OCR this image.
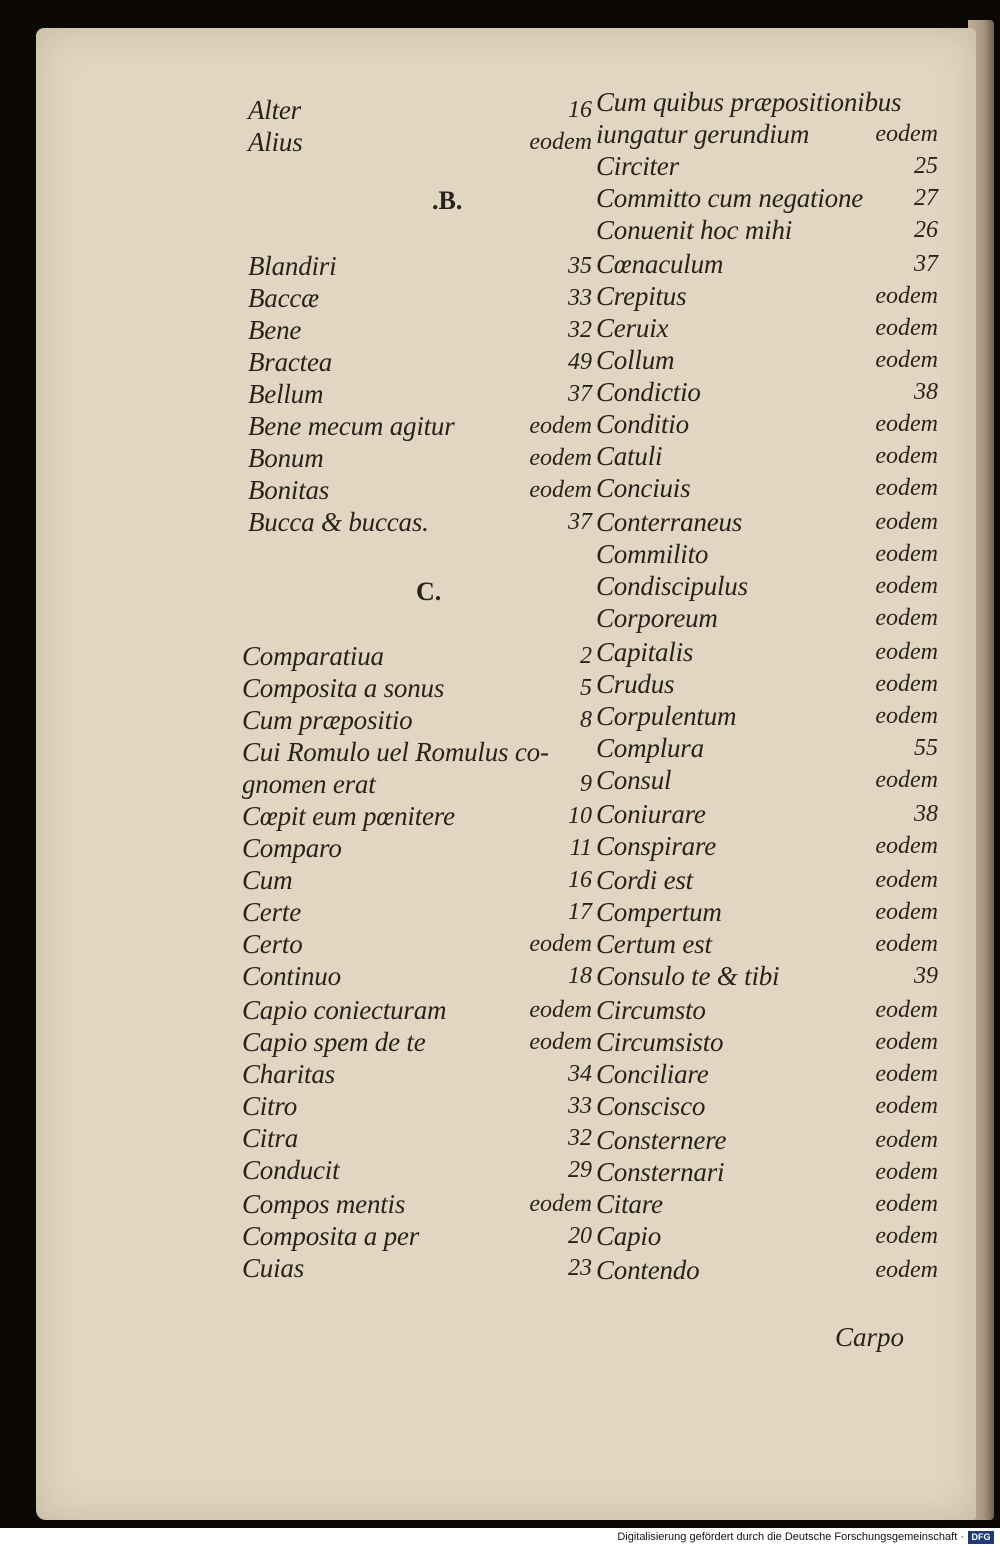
Alter	16
Alius	eodem
.B.
Blandiri	35
Baccæ	33
Bene	32
Bractea	49
Bellum	37
Bene mecum agitur	eodem
Bonum	eodem
Bonitas	eodem
Bucca & buccas.	37
C.
Comparatiua	2
Composita a sonus	5
Cum præpositio	8
Cui Romulo uel Romulus co-
gnomen erat	9
Cœpit eum pœnitere	10
Comparo	11
Cum	16
Certe	17
Certo	eodem
Continuo	18
Capio coniecturam	eodem
Capio spem de te	eodem
Charitas	34
Citro	33
Citra	32
Conducit	29
Compos mentis	eodem
Composita a per	20
Cuias	23
Cum quibus præpositionibus
iungatur gerundium	eodem
Circiter	25
Committo cum negatione 27
Conuenit hoc mihi	26
Cœnaculum	37
Crepitus	eodem
Ceruix	eodem
Collum	eodem
Condictio	38
Conditio	eodem
Catuli	eodem
Conciuis	eodem
Conterraneus	eodem
Commilito	eodem
Condiscipulus	eodem
Corporeum	eodem
Capitalis	eodem
Crudus	eodem
Corpulentum	eodem
Complura	55
Consul	eodem
Coniurare	38
Conspirare	eodem
Cordi est	eodem
Compertum	eodem
Certum est	eodem
Consulo te & tibi	39
Circumsto	eodem
Circumsisto	eodem
Conciliare	eodem
Conscisco	eodem
Consternere	eodem
Consternari	eodem
Citare	eodem
Capio	eodem
Contendo	eodem
Carpo
Digitalisierung gefördert durch die Deutsche Forschungsgemeinschaft · DFG
